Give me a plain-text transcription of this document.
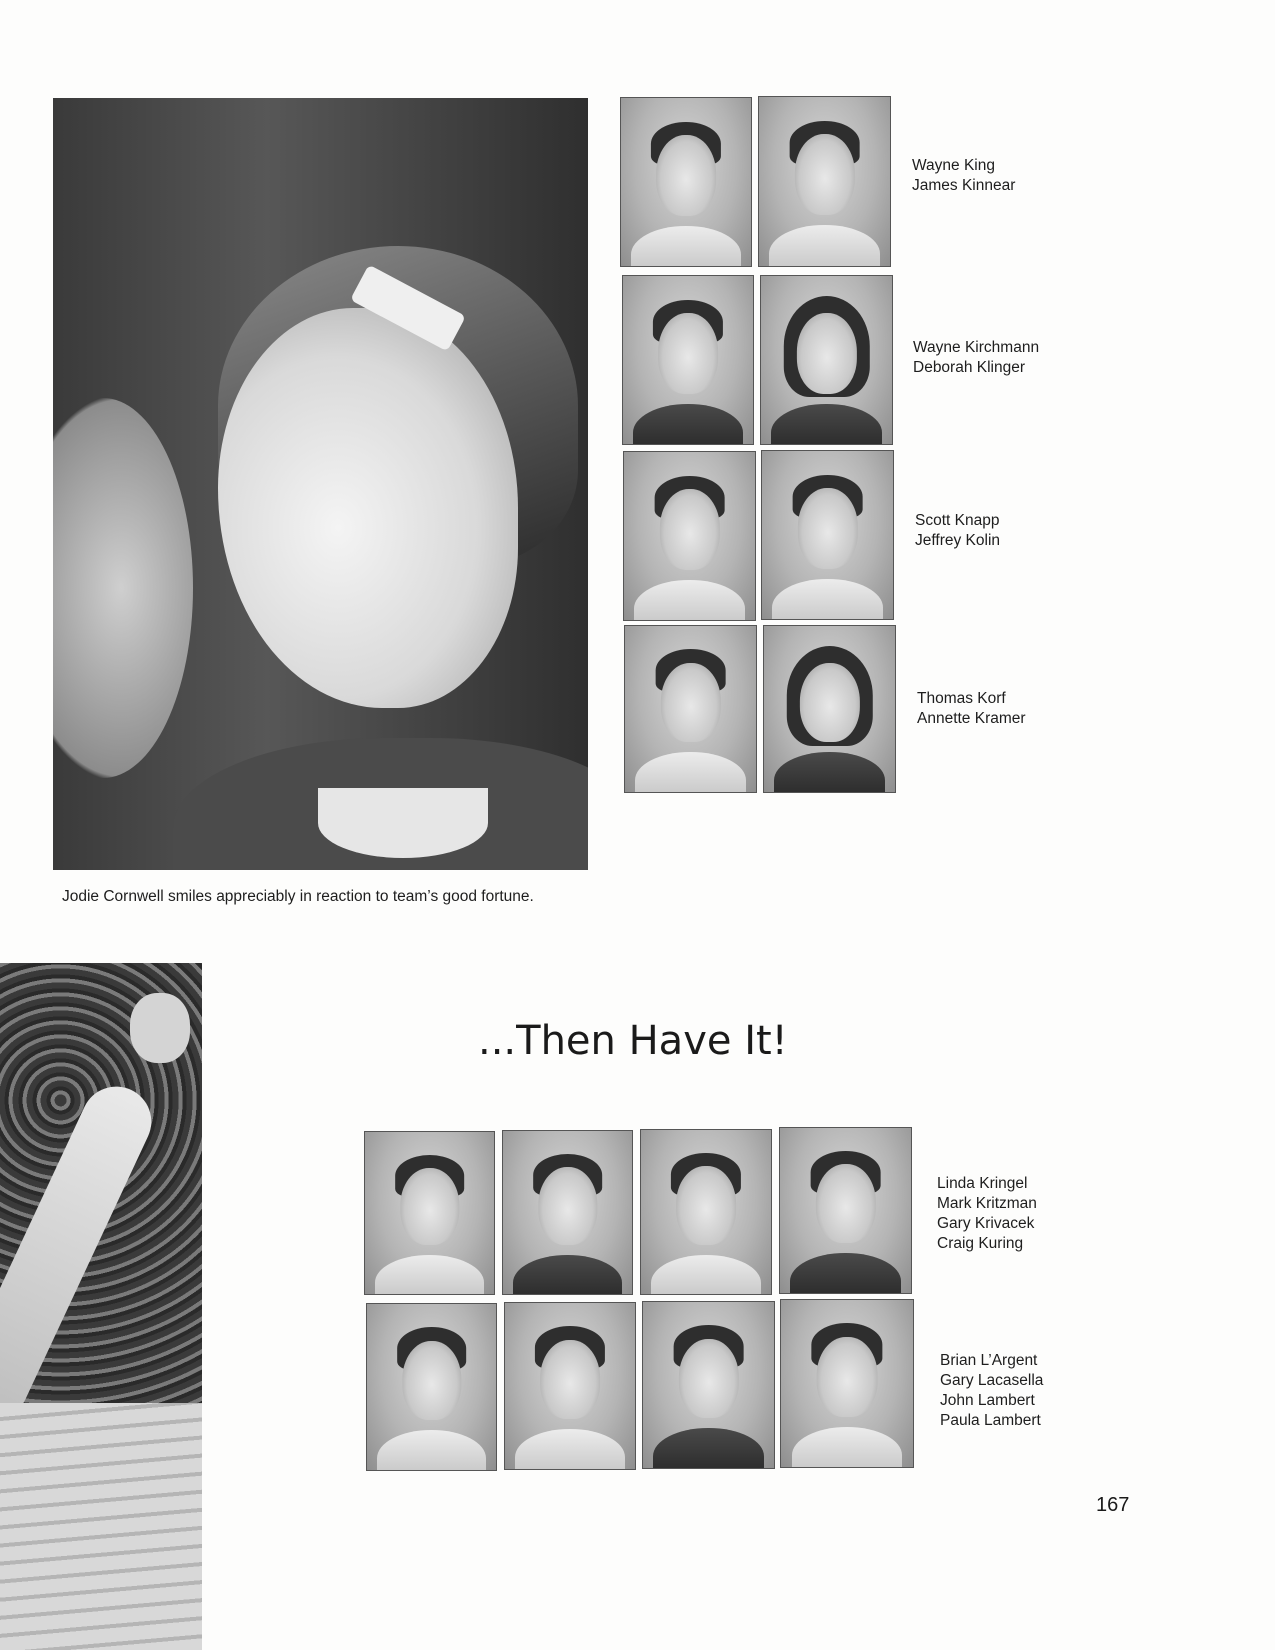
Jodie Cornwell smiles appreciably in reaction to team’s good fortune.
Wayne King
James Kinnear
Wayne Kirchmann
Deborah Klinger
Scott Knapp
Jeffrey Kolin
Thomas Korf
Annette Kramer
...Then Have It!
Linda Kringel
Mark Kritzman
Gary Krivacek
Craig Kuring
Brian L’Argent
Gary Lacasella
John Lambert
Paula Lambert
167
